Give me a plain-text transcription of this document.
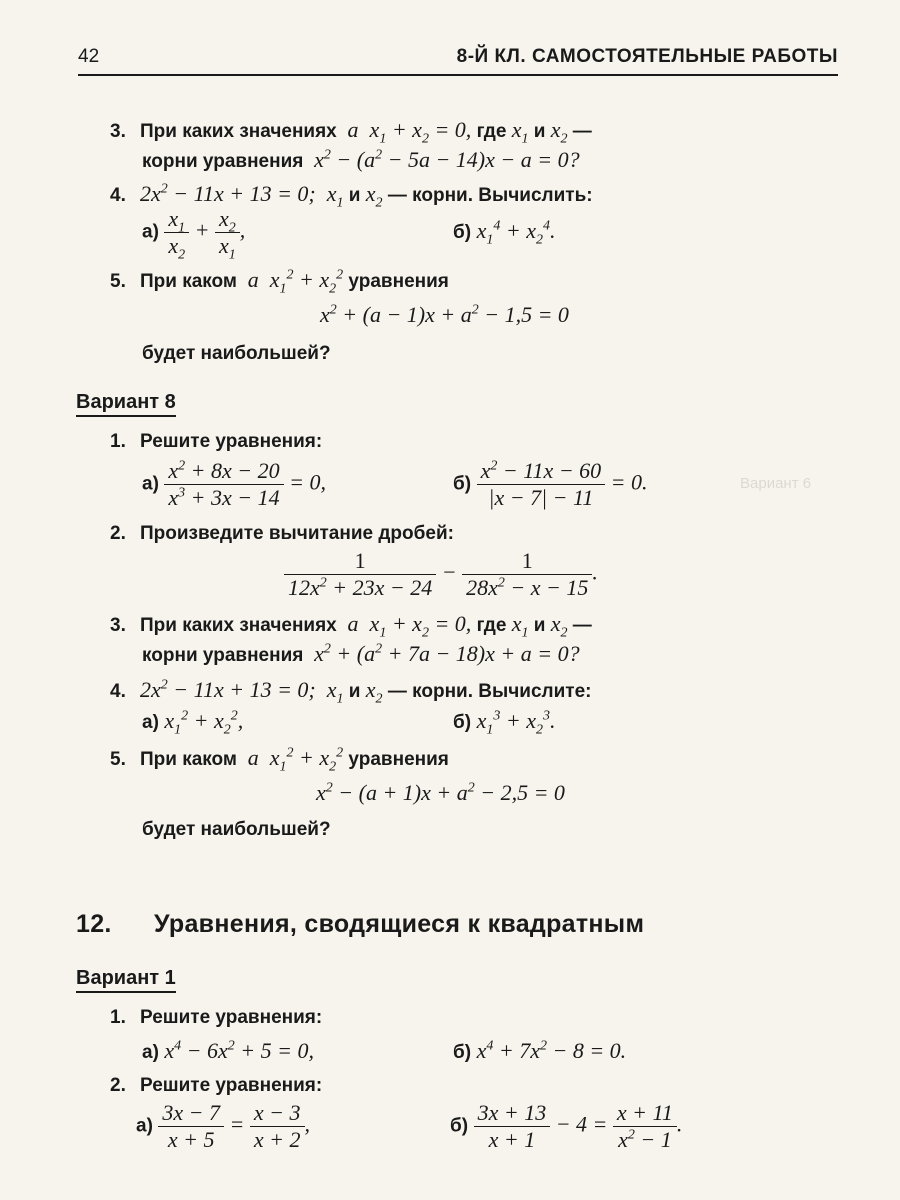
42	8-Й КЛ. САМОСТОЯТЕЛЬНЫЕ РАБОТЫ
Вариант 6
3. При каких значениях  a  $x_1 + x_2 = 0$, где $x_1$ и $x_2$ —
корни уравнения  $x^2 - (a^2 - 5a - 14)x - a = 0$?
4. $2x^2 - 11x + 13 = 0$;  $x_1$ и $x_2$ — корни. Вычислить:
$а) \frac{x_1}{x_2} + \frac{x_2}{x_1}$ ,	б) $x_1^4 + x_2^4$.
5. При каком  a  $x_1^2 + x_2^2$ уравнения
$x^2 + (a - 1)x + a^2 - 1,5 = 0$
будет наибольшей?
Вариант 8
1. Решите уравнения:
$а) \frac{x^2 + 8x - 20}{x^3 + 3x - 14} = 0$,	$б) \frac{x^2 - 11x - 60}{|x - 7| - 11} = 0$.
2. Произведите вычитание дробей:
$\frac{1}{12x^2 + 23x - 24} - \frac{1}{28x^2 - x - 15}$ .
3. При каких значениях  a  $x_1 + x_2 = 0$, где $x_1$ и $x_2$ —
корни уравнения  $x^2 + (a^2 + 7a - 18)x + a = 0$?
4. $2x^2 - 11x + 13 = 0$;  $x_1$ и $x_2$ — корни. Вычислите:
а) $x_1^2 + x_2^2$,	б) $x_1^3 + x_2^3$.
5. При каком  a  $x_1^2 + x_2^2$ уравнения
$x^2 - (a + 1)x + a^2 - 2,5 = 0$
будет наибольшей?
12. Уравнения, сводящиеся к квадратным
Вариант 1
1. Решите уравнения:
а) $x^4 - 6x^2 + 5 = 0$,	б) $x^4 + 7x^2 - 8 = 0$.
2. Решите уравнения:
$а) \frac{3x - 7}{x + 5} = \frac{x - 3}{x + 2}$ ,	$б) \frac{3x + 13}{x + 1} - 4 = \frac{x + 11}{x^2 - 1}$ .
